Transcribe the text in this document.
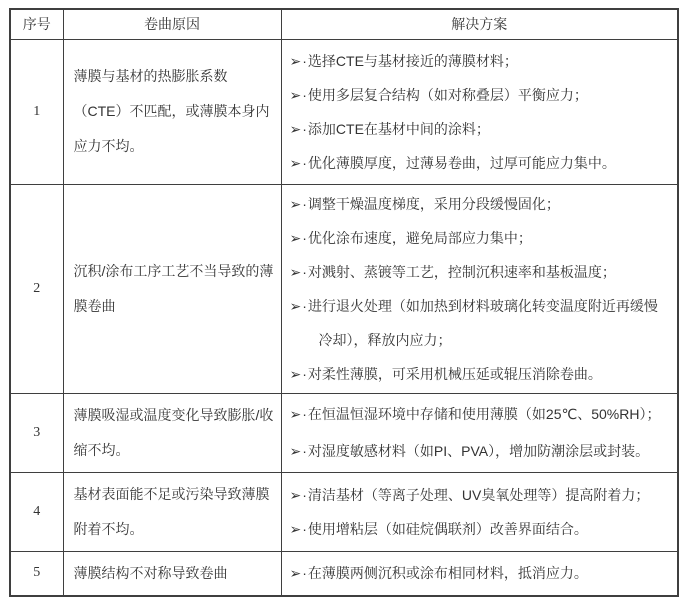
序号	卷曲原因	解决方案
1	薄膜与基材的热膨胀系数（CTE）不匹配，或薄膜本身内应力不均。	➢·选择CTE与基材接近的薄膜材料；

➢·使用多层复合结构（如对称叠层）平衡应力；

➢·添加CTE在基材中间的涂料；

➢·优化薄膜厚度，过薄易卷曲，过厚可能应力集中。

2	沉积/涂布工序工艺不当导致的薄膜卷曲	➢·调整干燥温度梯度，采用分段缓慢固化；

➢·优化涂布速度，避免局部应力集中；

➢·对溅射、蒸镀等工艺，控制沉积速率和基板温度；

➢·进行退火处理（如加热到材料玻璃化转变温度附近再缓慢冷却），释放内应力；

➢·对柔性薄膜，可采用机械压延或辊压消除卷曲。

3	薄膜吸湿或温度变化导致膨胀/收缩不均。	➢·在恒温恒湿环境中存储和使用薄膜（如25℃、50%RH）；

➢·对湿度敏感材料（如PI、PVA），增加防潮涂层或封装。

4	基材表面能不足或污染导致薄膜附着不均。	➢·清洁基材（等离子处理、UV臭氧处理等）提高附着力；

➢·使用增粘层（如硅烷偶联剂）改善界面结合。

5	薄膜结构不对称导致卷曲	➢·在薄膜两侧沉积或涂布相同材料，抵消应力。
